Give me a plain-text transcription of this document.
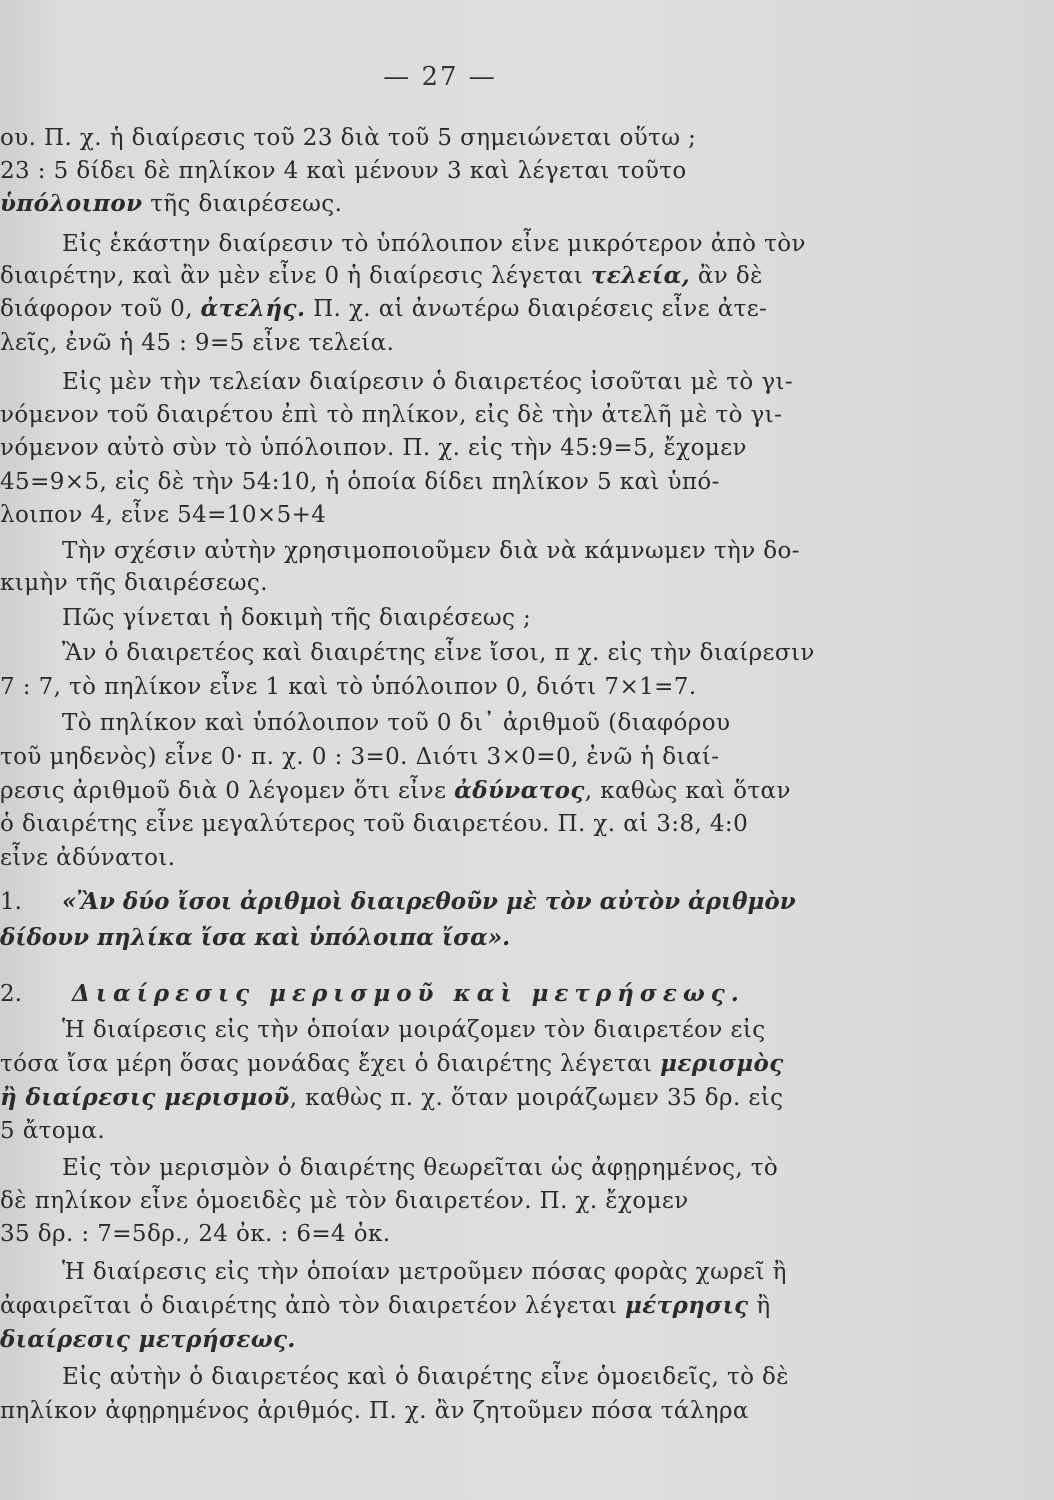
— 27 —
ου. Π. χ. ἡ διαίρεσις τοῦ 23 διὰ τοῦ 5 σημειώνεται οὕτω ;
23 : 5 δίδει δὲ πηλίκον 4 καὶ μένουν 3 καὶ λέγεται τοῦτο
ὑπόλοιπον τῆς διαιρέσεως.
Εἰς ἑκάστην διαίρεσιν τὸ ὑπόλοιπον εἶνε μικρότερον ἀπὸ τὸν
διαιρέτην, καὶ ἂν μὲν εἶνε 0 ἡ διαίρεσις λέγεται τελεία, ἂν δὲ
διάφορον τοῦ 0, ἀτελής. Π. χ. αἱ ἀνωτέρω διαιρέσεις εἶνε ἀτε-
λεῖς, ἐνῶ ἡ 45 : 9=5 εἶνε τελεία.
Εἰς μὲν τὴν τελείαν διαίρεσιν ὁ διαιρετέος ἰσοῦται μὲ τὸ γι-
νόμενον τοῦ διαιρέτου ἐπὶ τὸ πηλίκον, εἰς δὲ τὴν ἀτελῆ μὲ τὸ γι-
νόμενον αὐτὸ σὺν τὸ ὑπόλοιπον. Π. χ. εἰς τὴν 45:9=5, ἔχομεν
45=9×5, εἰς δὲ τὴν 54:10, ἡ ὁποία δίδει πηλίκον 5 καὶ ὑπό-
λοιπον 4, εἶνε 54=10×5+4
Τὴν σχέσιν αὐτὴν χρησιμοποιοῦμεν διὰ νὰ κάμνωμεν τὴν δο-
κιμὴν τῆς διαιρέσεως.
Πῶς γίνεται ἡ δοκιμὴ τῆς διαιρέσεως ;
Ἂν ὁ διαιρετέος καὶ διαιρέτης εἶνε ἴσοι, π χ. εἰς τὴν διαίρεσιν
7 : 7, τὸ πηλίκον εἶνε 1 καὶ τὸ ὑπόλοιπον 0, διότι 7×1=7.
Τὸ πηλίκον καὶ ὑπόλοιπον τοῦ 0 δι᾽ ἀριθμοῦ (διαφόρου
τοῦ μηδενὸς) εἶνε 0· π. χ. 0 : 3=0. Διότι 3×0=0, ἐνῶ ἡ διαί-
ρεσις ἀριθμοῦ διὰ 0 λέγομεν ὅτι εἶνε ἀδύνατος, καθὼς καὶ ὅταν
ὁ διαιρέτης εἶνε μεγαλύτερος τοῦ διαιρετέου. Π. χ. αἱ 3:8, 4:0
εἶνε ἀδύνατοι.
1. «Ἂν δύο ἴσοι ἀριθμοὶ διαιρεθοῦν μὲ τὸν αὐτὸν ἀριθμὸν
δίδουν πηλίκα ἴσα καὶ ὑπόλοιπα ἴσα».
2. Διαίρεσις μερισμοῦ καὶ μετρήσεως.
Ἡ διαίρεσις εἰς τὴν ὁποίαν μοιράζομεν τὸν διαιρετέον εἰς
τόσα ἴσα μέρη ὅσας μονάδας ἔχει ὁ διαιρέτης λέγεται μερισμὸς
ἢ διαίρεσις μερισμοῦ, καθὼς π. χ. ὅταν μοιράζωμεν 35 δρ. εἰς
5 ἄτομα.
Εἰς τὸν μερισμὸν ὁ διαιρέτης θεωρεῖται ὡς ἀφῃρημένος, τὸ
δὲ πηλίκον εἶνε ὁμοειδὲς μὲ τὸν διαιρετέον. Π. χ. ἔχομεν
35 δρ. : 7=5δρ., 24 ὀκ. : 6=4 ὀκ.
Ἡ διαίρεσις εἰς τὴν ὁποίαν μετροῦμεν πόσας φορὰς χωρεῖ ἢ
ἀφαιρεῖται ὁ διαιρέτης ἀπὸ τὸν διαιρετέον λέγεται μέτρησις ἢ
διαίρεσις μετρήσεως.
Εἰς αὐτὴν ὁ διαιρετέος καὶ ὁ διαιρέτης εἶνε ὁμοειδεῖς, τὸ δὲ
πηλίκον ἀφῃρημένος ἀριθμός. Π. χ. ἂν ζητοῦμεν πόσα τάληρα
